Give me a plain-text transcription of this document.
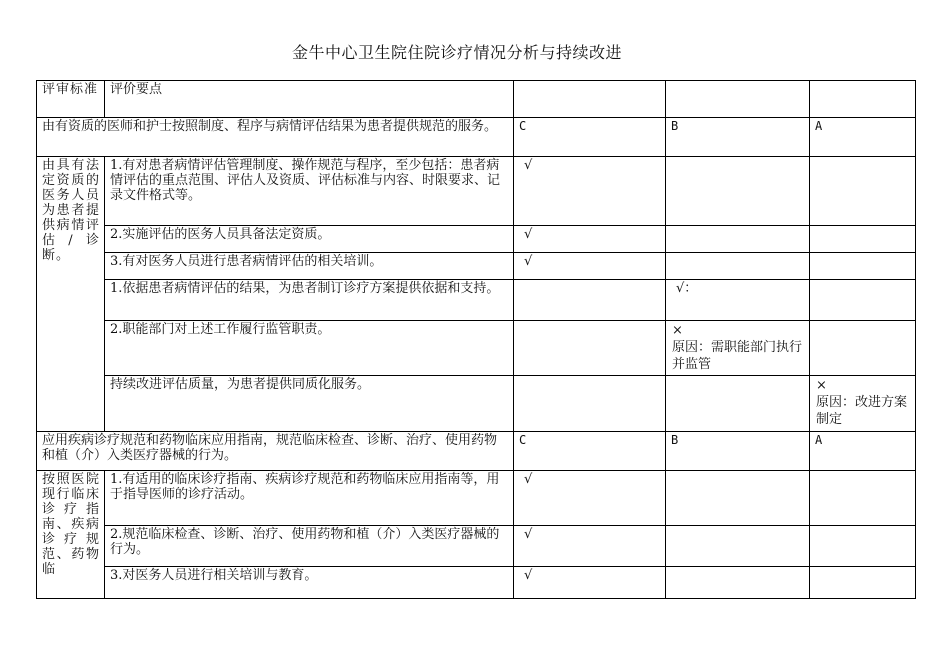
金牛中心卫生院住院诊疗情况分析与持续改进
评审标准	评价要点			
由有资质的医师和护士按照制度、程序与病情评估结果为患者提供规范的服务。		C	B	A
由具有法定资质的医务人员为患者提供病情评估/诊断。	1.有对患者病情评估管理制度、操作规范与程序，至少包括：患者病情评估的重点范围、评估人及资质、评估标准与内容、时限要求、记录文件格式等。	√		
	2.实施评估的医务人员具备法定资质。	√		
	3.有对医务人员进行患者病情评估的相关培训。	√		
	1.依据患者病情评估的结果，为患者制订诊疗方案提供依据和支持。		√：	
	2.职能部门对上述工作履行监管职责。		×
原因：需职能部门执行并监管	
	持续改进评估质量，为患者提供同质化服务。			×
原因：改进方案制定
应用疾病诊疗规范和药物临床应用指南，规范临床检查、诊断、治疗、使用药物和植（介）入类医疗器械的行为。		C	B	A
按照医院现行临床诊疗指南、疾病诊疗规范、药物临	1.有适用的临床诊疗指南、疾病诊疗规范和药物临床应用指南等，用于指导医师的诊疗活动。	√		
	2.规范临床检查、诊断、治疗、使用药物和植（介）入类医疗器械的行为。	√		
	3.对医务人员进行相关培训与教育。	√		
